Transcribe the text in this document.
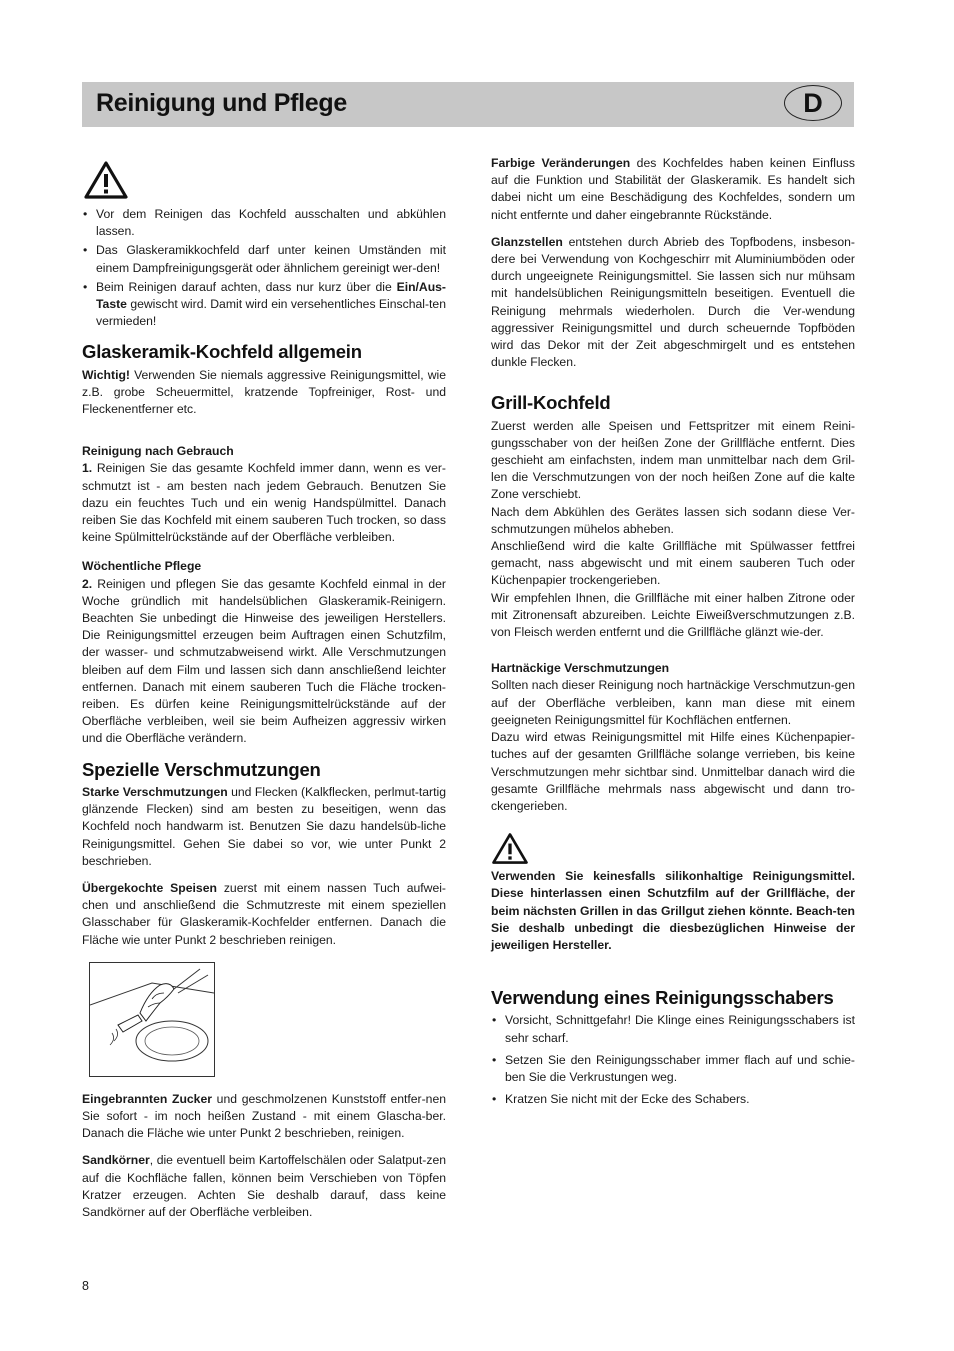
Reinigung und Pflege	D
• Vor dem Reinigen das Kochfeld ausschalten und abkühlen lassen.
• Das Glaskeramikkochfeld darf unter keinen Umständen mit einem Dampfreinigungsgerät oder ähnlichem gereinigt wer-den!
• Beim Reinigen darauf achten, dass nur kurz über die Ein/Aus-Taste gewischt wird. Damit wird ein versehentliches Einschal-ten vermieden!
Glaskeramik-Kochfeld allgemein

Wichtig! Verwenden Sie niemals aggressive Reinigungsmittel, wie z.B. grobe Scheuermittel, kratzende Topfreiniger, Rost- und Fleckenentferner etc.

Reinigung nach Gebrauch

1. Reinigen Sie das gesamte Kochfeld immer dann, wenn es ver-schmutzt ist - am besten nach jedem Gebrauch. Benutzen Sie dazu ein feuchtes Tuch und ein wenig Handspülmittel. Danach reiben Sie das Kochfeld mit einem sauberen Tuch trocken, so dass keine Spülmittelrückstände auf der Oberfläche verbleiben.

Wöchentliche Pflege

2. Reinigen und pflegen Sie das gesamte Kochfeld einmal in der Woche gründlich mit handelsüblichen Glaskeramik-Reinigern. Beachten Sie unbedingt die Hinweise des jeweiligen Herstellers. Die Reinigungsmittel erzeugen beim Auftragen einen Schutzfilm, der wasser- und schmutzabweisend wirkt. Alle Verschmutzungen bleiben auf dem Film und lassen sich dann anschließend leichter entfernen. Danach mit einem sauberen Tuch die Fläche trocken-reiben. Es dürfen keine Reinigungsmittelrückstände auf der Oberfläche verbleiben, weil sie beim Aufheizen aggressiv wirken und die Oberfläche verändern.

Spezielle Verschmutzungen

Starke Verschmutzungen und Flecken (Kalkflecken, perlmut-tartig glänzende Flecken) sind am besten zu beseitigen, wenn das Kochfeld noch handwarm ist. Benutzen Sie dazu handelsüb-liche Reinigungsmittel. Gehen Sie dabei so vor, wie unter Punkt 2 beschrieben.

Übergekochte Speisen zuerst mit einem nassen Tuch aufwei-chen und anschließend die Schmutzreste mit einem speziellen Glasschaber für Glaskeramik-Kochfelder entfernen. Danach die Fläche wie unter Punkt 2 beschrieben reinigen.

Eingebrannten Zucker und geschmolzenen Kunststoff entfer-nen Sie sofort - im noch heißen Zustand - mit einem Glascha-ber. Danach die Fläche wie unter Punkt 2 beschrieben, reinigen.

Sandkörner, die eventuell beim Kartoffelschälen oder Salatput-zen auf die Kochfläche fallen, können beim Verschieben von Töpfen Kratzer erzeugen. Achten Sie deshalb darauf, dass keine Sandkörner auf der Oberfläche verbleiben.

Farbige Veränderungen des Kochfeldes haben keinen Einfluss auf die Funktion und Stabilität der Glaskeramik. Es handelt sich dabei nicht um eine Beschädigung des Kochfeldes, sondern um nicht entfernte und daher eingebrannte Rückstände.

Glanzstellen entstehen durch Abrieb des Topfbodens, insbeson-dere bei Verwendung von Kochgeschirr mit Aluminiumböden oder durch ungeeignete Reinigungsmittel. Sie lassen sich nur mühsam mit handelsüblichen Reinigungsmitteln beseitigen. Eventuell die Reinigung mehrmals wiederholen. Durch die Ver-wendung aggressiver Reinigungsmittel und durch scheuernde Topfböden wird das Dekor mit der Zeit abgeschmirgelt und es entstehen dunkle Flecken.

Grill-Kochfeld

Zuerst werden alle Speisen und Fettspritzer mit einem Reini-gungsschaber von der heißen Zone der Grillfläche entfernt. Dies geschieht am einfachsten, indem man unmittelbar nach dem Gril-len die Verschmutzungen von der noch heißen Zone auf die kalte Zone verschiebt.

Nach dem Abkühlen des Gerätes lassen sich sodann diese Ver-schmutzungen mühelos abheben.

Anschließend wird die kalte Grillfläche mit Spülwasser fettfrei gemacht, nass abgewischt und mit einem sauberen Tuch oder Küchenpapier trockengerieben.

Wir empfehlen Ihnen, die Grillfläche mit einer halben Zitrone oder mit Zitronensaft abzureiben. Leichte Eiweißverschmutzungen z.B. von Fleisch werden entfernt und die Grillfläche glänzt wie-der.

Hartnäckige Verschmutzungen

Sollten nach dieser Reinigung noch hartnäckige Verschmutzun-gen auf der Oberfläche verbleiben, kann man diese mit einem geeigneten Reinigungsmittel für Kochflächen entfernen.

Dazu wird etwas Reinigungsmittel mit Hilfe eines Küchenpapier-tuches auf der gesamten Grillfläche solange verrieben, bis keine Verschmutzungen mehr sichtbar sind. Unmittelbar danach wird die gesamte Grillfläche mehrmals nass abgewischt und dann tro-ckengerieben.

Verwenden Sie keinesfalls silikonhaltige Reinigungsmittel. Diese hinterlassen einen Schutzfilm auf der Grillfläche, der beim nächsten Grillen in das Grillgut ziehen könnte. Beach-ten Sie deshalb unbedingt die diesbezüglichen Hinweise der jeweiligen Hersteller.

Verwendung eines Reinigungsschabers
• Vorsicht, Schnittgefahr! Die Klinge eines Reinigungsschabers ist sehr scharf.
• Setzen Sie den Reinigungsschaber immer flach auf und schie-ben Sie die Verkrustungen weg.
• Kratzen Sie nicht mit der Ecke des Schabers.
8
